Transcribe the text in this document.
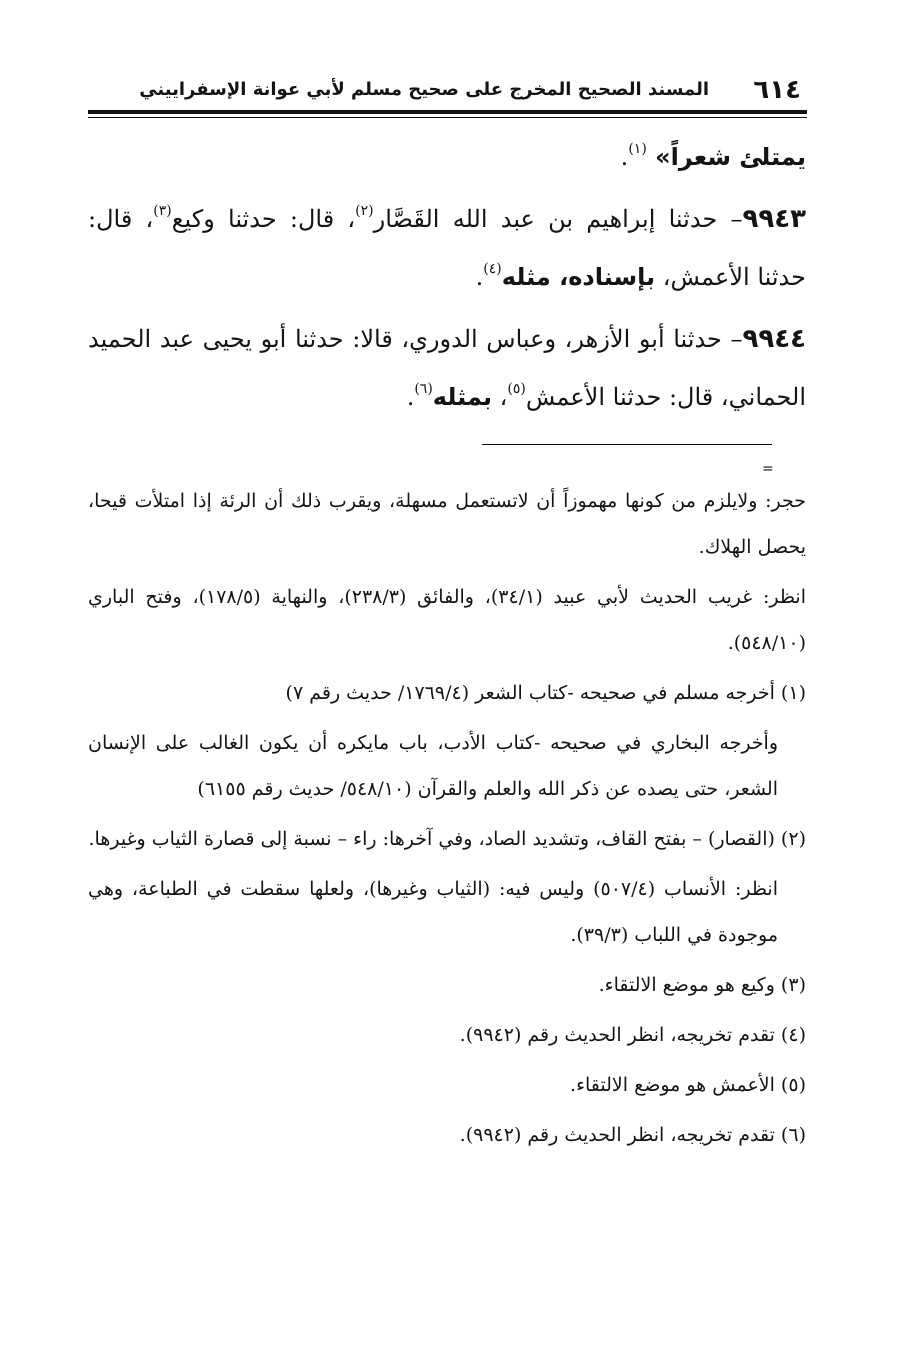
٦١٤
المسند الصحيح المخرج على صحيح مسلم لأبي عوانة الإسفراييني

يمتلئ شعراً» $^{(١)}$.

٩٩٤٣– حدثنا إبراهيم بن عبد الله القَصَّار$^{(٢)}$، قال: حدثنا وكيع$^{(٣)}$، قال: حدثنا الأعمش، بإسناده، مثله$^{(٤)}$.

٩٩٤٤– حدثنا أبو الأزهر، وعباس الدوري، قالا: حدثنا أبو يحيى عبد الحميد الحماني، قال: حدثنا الأعمش$^{(٥)}$، بمثله$^{(٦)}$.

=

حجر: ولايلزم من كونها مهموزاً أن لاتستعمل مسهلة، ويقرب ذلك أن الرئة إذا امتلأت قيحا، يحصل الهلاك.

انظر: غريب الحديث لأبي عبيد (٣٤/١)، والفائق (٢٣٨/٣)، والنهاية (١٧٨/٥)، وفتح الباري (٥٤٨/١٠).

(١) أخرجه مسلم في صحيحه -كتاب الشعر (١٧٦٩/٤/ حديث رقم ٧)

وأخرجه البخاري في صحيحه -كتاب الأدب، باب مايكره أن يكون الغالب على الإنسان الشعر، حتى يصده عن ذكر الله والعلم والقرآن (٥٤٨/١٠/ حديث رقم ٦١٥٥)

(٢) (القصار) – بفتح القاف، وتشديد الصاد، وفي آخرها: راء – نسبة إلى قصارة الثياب وغيرها.

انظر: الأنساب (٥٠٧/٤) وليس فيه: (الثياب وغيرها)، ولعلها سقطت في الطباعة، وهي موجودة في اللباب (٣٩/٣).

(٣) وكيع هو موضع الالتقاء.

(٤) تقدم تخريجه، انظر الحديث رقم (٩٩٤٢).

(٥) الأعمش هو موضع الالتقاء.

(٦) تقدم تخريجه، انظر الحديث رقم (٩٩٤٢).
